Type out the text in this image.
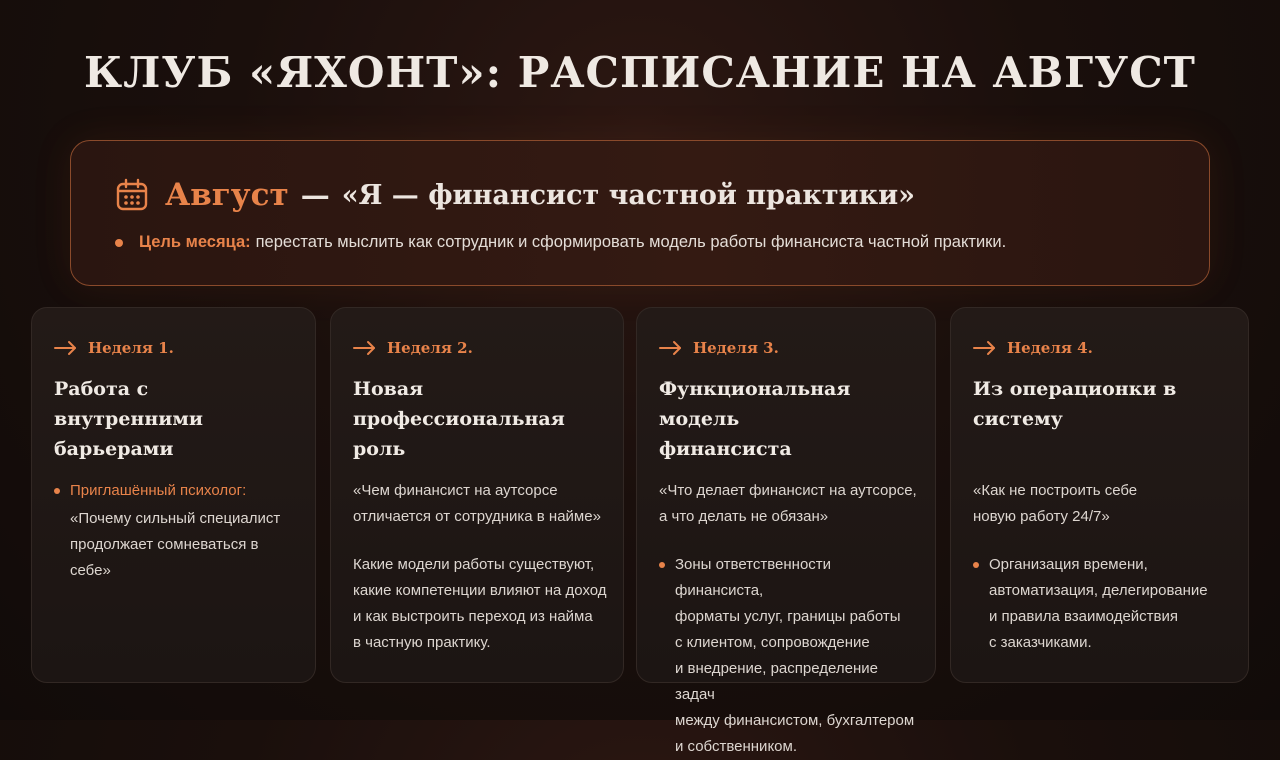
КЛУБ «ЯХОНТ»: РАСПИСАНИЕ НА АВГУСТ
Август — «Я — финансист частной практики»
Цель месяца: перестать мыслить как сотрудник и сформировать модель работы финансиста частной практики.
Неделя 1.
Работа с внутренними
барьерами
Приглашённый психолог:
«Почему сильный специалист
продолжает сомневаться в себе»
Неделя 2.
Новая профессиональная
роль
«Чем финансист на аутсорсе
отличается от сотрудника в найме»
Какие модели работы существуют,
какие компетенции влияют на доход
и как выстроить переход из найма
в частную практику.
Неделя 3.
Функциональная модель
финансиста
«Что делает финансист на аутсорсе,
а что делать не обязан»
Зоны ответственности финансиста,
форматы услуг, границы работы
с клиентом, сопровождение
и внедрение, распределение задач
между финансистом, бухгалтером
и собственником.
Неделя 4.
Из операционки в систему
«Как не построить себе
новую работу 24/7»
Организация времени,
автоматизация, делегирование
и правила взаимодействия
с заказчиками.
